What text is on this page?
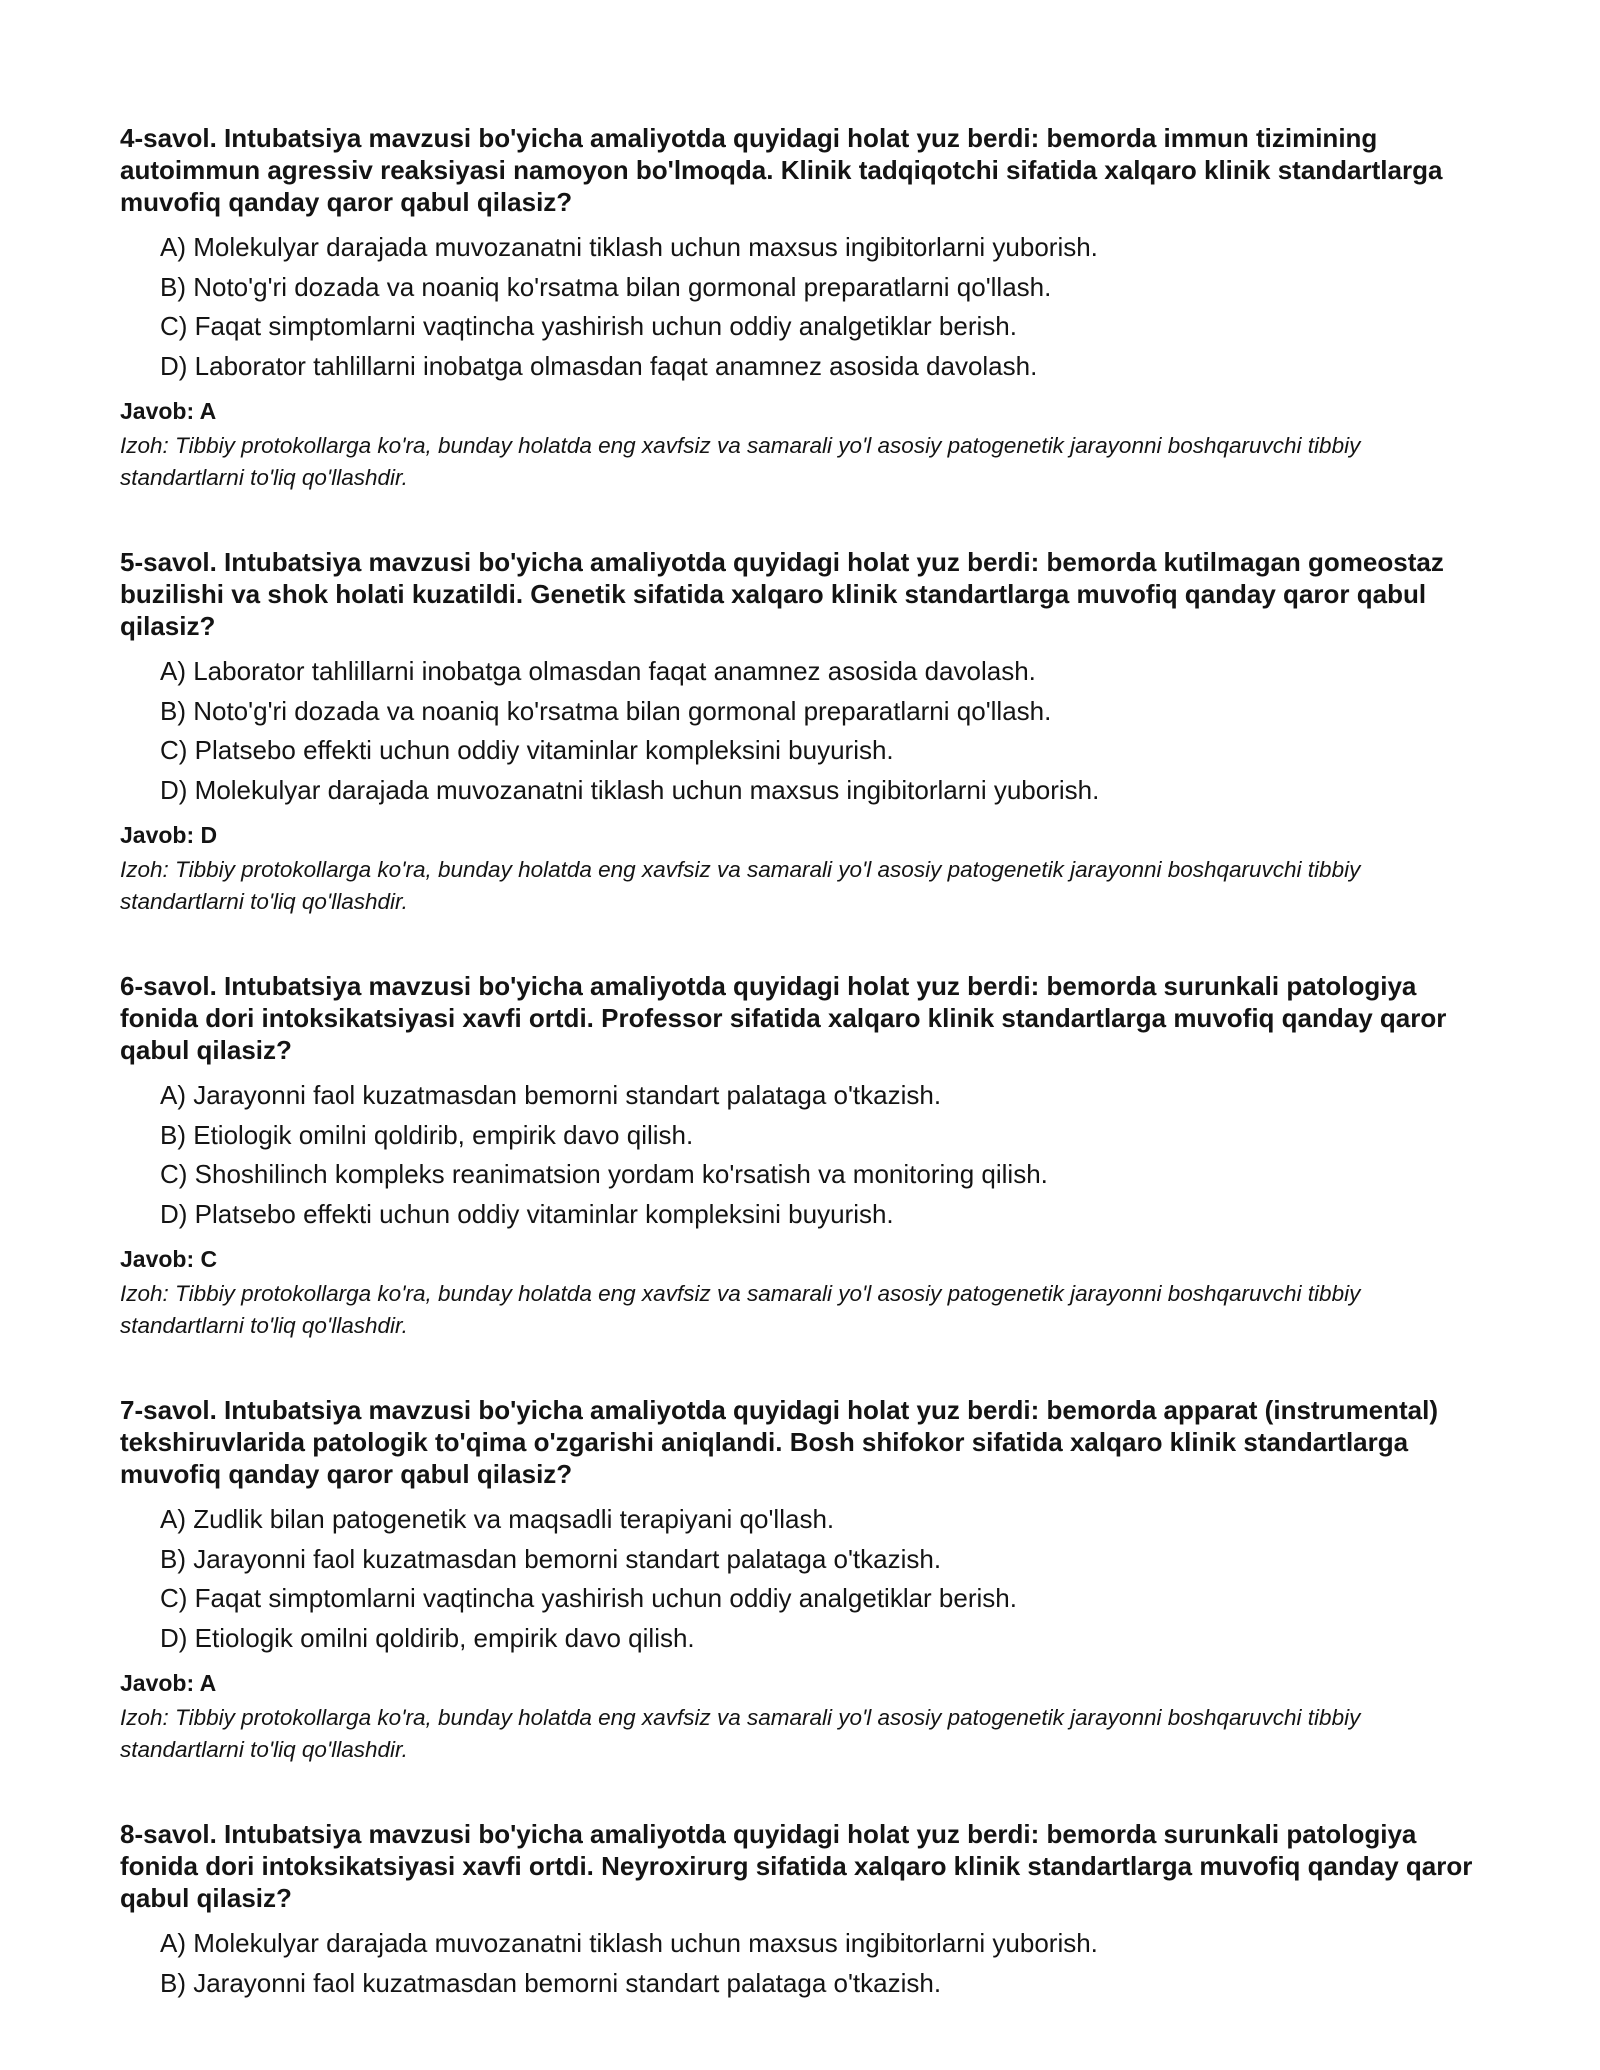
4-savol. Intubatsiya mavzusi bo'yicha amaliyotda quyidagi holat yuz berdi: bemorda immun tizimining autoimmun agressiv reaksiyasi namoyon bo'lmoqda. Klinik tadqiqotchi sifatida xalqaro klinik standartlarga muvofiq qanday qaror qabul qilasiz?
A) Molekulyar darajada muvozanatni tiklash uchun maxsus ingibitorlarni yuborish.
B) Noto'g'ri dozada va noaniq ko'rsatma bilan gormonal preparatlarni qo'llash.
C) Faqat simptomlarni vaqtincha yashirish uchun oddiy analgetiklar berish.
D) Laborator tahlillarni inobatga olmasdan faqat anamnez asosida davolash.
Javob: A
Izoh: Tibbiy protokollarga ko'ra, bunday holatda eng xavfsiz va samarali yo'l asosiy patogenetik jarayonni boshqaruvchi tibbiy standartlarni to'liq qo'llashdir.
5-savol. Intubatsiya mavzusi bo'yicha amaliyotda quyidagi holat yuz berdi: bemorda kutilmagan gomeostaz buzilishi va shok holati kuzatildi. Genetik sifatida xalqaro klinik standartlarga muvofiq qanday qaror qabul qilasiz?
A) Laborator tahlillarni inobatga olmasdan faqat anamnez asosida davolash.
B) Noto'g'ri dozada va noaniq ko'rsatma bilan gormonal preparatlarni qo'llash.
C) Platsebo effekti uchun oddiy vitaminlar kompleksini buyurish.
D) Molekulyar darajada muvozanatni tiklash uchun maxsus ingibitorlarni yuborish.
Javob: D
Izoh: Tibbiy protokollarga ko'ra, bunday holatda eng xavfsiz va samarali yo'l asosiy patogenetik jarayonni boshqaruvchi tibbiy standartlarni to'liq qo'llashdir.
6-savol. Intubatsiya mavzusi bo'yicha amaliyotda quyidagi holat yuz berdi: bemorda surunkali patologiya fonida dori intoksikatsiyasi xavfi ortdi. Professor sifatida xalqaro klinik standartlarga muvofiq qanday qaror qabul qilasiz?
A) Jarayonni faol kuzatmasdan bemorni standart palataga o'tkazish.
B) Etiologik omilni qoldirib, empirik davo qilish.
C) Shoshilinch kompleks reanimatsion yordam ko'rsatish va monitoring qilish.
D) Platsebo effekti uchun oddiy vitaminlar kompleksini buyurish.
Javob: C
Izoh: Tibbiy protokollarga ko'ra, bunday holatda eng xavfsiz va samarali yo'l asosiy patogenetik jarayonni boshqaruvchi tibbiy standartlarni to'liq qo'llashdir.
7-savol. Intubatsiya mavzusi bo'yicha amaliyotda quyidagi holat yuz berdi: bemorda apparat (instrumental) tekshiruvlarida patologik to'qima o'zgarishi aniqlandi. Bosh shifokor sifatida xalqaro klinik standartlarga muvofiq qanday qaror qabul qilasiz?
A) Zudlik bilan patogenetik va maqsadli terapiyani qo'llash.
B) Jarayonni faol kuzatmasdan bemorni standart palataga o'tkazish.
C) Faqat simptomlarni vaqtincha yashirish uchun oddiy analgetiklar berish.
D) Etiologik omilni qoldirib, empirik davo qilish.
Javob: A
Izoh: Tibbiy protokollarga ko'ra, bunday holatda eng xavfsiz va samarali yo'l asosiy patogenetik jarayonni boshqaruvchi tibbiy standartlarni to'liq qo'llashdir.
8-savol. Intubatsiya mavzusi bo'yicha amaliyotda quyidagi holat yuz berdi: bemorda surunkali patologiya fonida dori intoksikatsiyasi xavfi ortdi. Neyroxirurg sifatida xalqaro klinik standartlarga muvofiq qanday qaror qabul qilasiz?
A) Molekulyar darajada muvozanatni tiklash uchun maxsus ingibitorlarni yuborish.
B) Jarayonni faol kuzatmasdan bemorni standart palataga o'tkazish.
